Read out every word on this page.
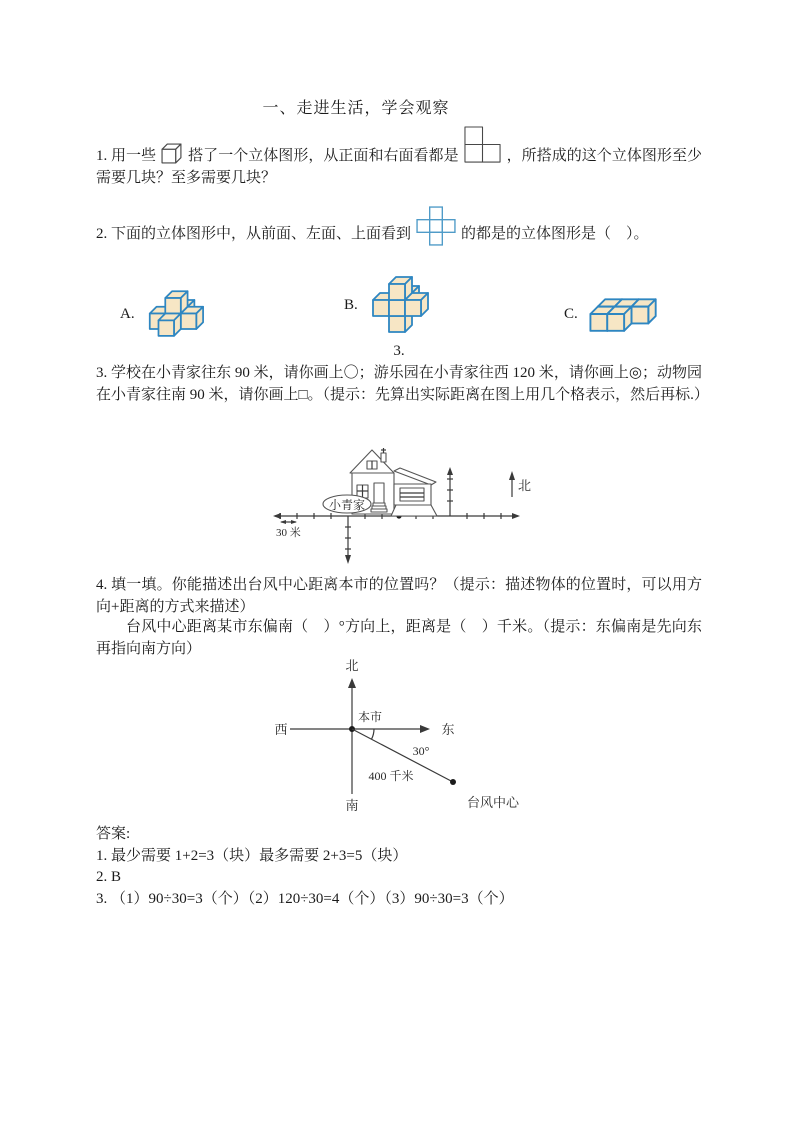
一、走进生活，学会观察

1. 用一些 搭了一个立体图形，从正面和右面看都是	，所搭成的这个立体图形至少需要几块？至多需要几块？

2. 下面的立体图形中，从前面、左面、上面看到	的都是的立体图形是（　）。

A.
B.
C.
3.

3. 学校在小青家往东 90 米，请你画上〇；游乐园在小青家往西 120 米，请你画上◎；动物园在小青家往南 90 米，请你画上□。（提示：先算出实际距离在图上用几个格表示，然后再标.）

30 米
北
小青家

4. 填一填。你能描述出台风中心距离本市的位置吗？（提示：描述物体的位置时，可以用方向+距离的方式来描述）

台风中心距离某市东偏南（　）°方向上，距离是（　）千米。（提示：东偏南是先向东再指向南方向）

北
西	东
南
本市
30°
400 千米
台风中心
答案:
1. 最少需要 1+2=3（块）最多需要 2+3=5（块）
2. B
3. （1）90÷30=3（个）（2）120÷30=4（个）（3）90÷30=3（个）
